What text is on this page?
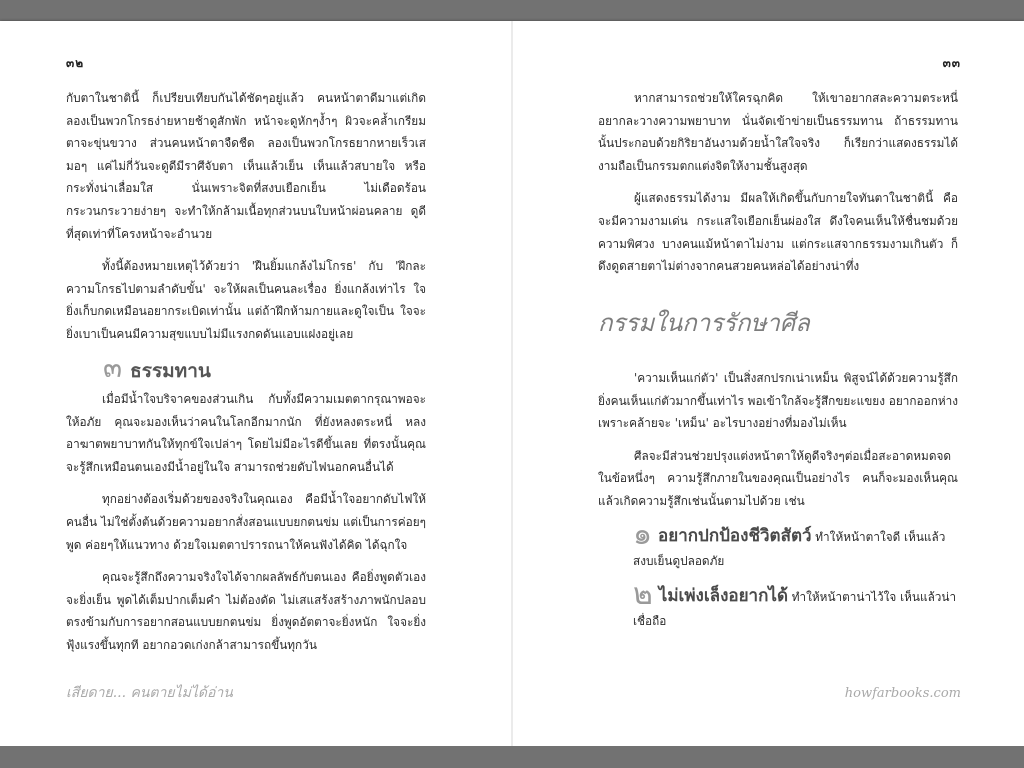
๓๒

กับตาในชาตินี้ ก็เปรียบเทียบกันได้ชัดๆอยู่แล้ว คนหน้าตาดีมาแต่เกิด ลองเป็นพวกโกรธง่ายหายช้าดูสักพัก หน้าจะดูหักๆงํ้าๆ ผิวจะคลํ้าเกรียม ตาจะขุ่นขวาง ส่วนคนหน้าตาจืดชืด ลองเป็นพวกโกรธยากหายเร็วเสมอๆ แค่ไม่กี่วันจะดูดีมีราศีจับตา เห็นแล้วเย็น เห็นแล้วสบายใจ หรือกระทั่งน่าเลื่อมใส นั่นเพราะจิตที่สงบเยือกเย็น ไม่เดือดร้อนกระวนกระวายง่ายๆ จะทำให้กล้ามเนื้อทุกส่วนบนใบหน้าผ่อนคลาย ดูดีที่สุดเท่าที่โครงหน้าจะอำนวย

ทั้งนี้ต้องหมายเหตุไว้ด้วยว่า 'ฝืนยิ้มแกล้งไม่โกรธ' กับ 'ฝึกละความโกรธไปตามลำดับขั้น' จะให้ผลเป็นคนละเรื่อง ยิ่งแกล้งเท่าไร ใจยิ่งเก็บกดเหมือนอยากระเบิดเท่านั้น แต่ถ้าฝึกห้ามกายและดูใจเป็น ใจจะยิ่งเบาเป็นคนมีความสุขแบบไม่มีแรงกดดันแอบแฝงอยู่เลย

๓ ธรรมทาน

เมื่อมีนํ้าใจบริจาคของส่วนเกิน กับทั้งมีความเมตตากรุณาพอจะให้อภัย คุณจะมองเห็นว่าคนในโลกอีกมากนัก ที่ยังหลงตระหนี่ หลงอาฆาตพยาบาทกันให้ทุกข์ใจเปล่าๆ โดยไม่มีอะไรดีขึ้นเลย ที่ตรงนั้นคุณจะรู้สึกเหมือนตนเองมีนํ้าอยู่ในใจ สามารถช่วยดับไฟนอกคนอื่นได้

ทุกอย่างต้องเริ่มด้วยของจริงในคุณเอง คือมีนํ้าใจอยากดับไฟให้คนอื่น ไม่ใช่ตั้งต้นด้วยความอยากสั่งสอนแบบยกตนข่ม แต่เป็นการค่อยๆ พูด ค่อยๆให้แนวทาง ด้วยใจเมตตาปรารถนาให้คนฟังได้คิด ได้ฉุกใจ

คุณจะรู้สึกถึงความจริงใจได้จากผลลัพธ์กับตนเอง คือยิ่งพูดตัวเองจะยิ่งเย็น พูดได้เต็มปากเต็มคำ ไม่ต้องดัด ไม่เสแสร้งสร้างภาพนักปลอบตรงข้ามกับการอยากสอนแบบยกตนข่ม ยิ่งพูดอัตตาจะยิ่งหนัก ใจจะยิ่งฟุ้งแรงขึ้นทุกที อยากอวดเก่งกล้าสามารถขึ้นทุกวัน

เสียดาย... คนตายไม่ได้อ่าน
๓๓

หากสามารถช่วยให้ใครฉุกคิด ให้เขาอยากสละความตระหนี่ อยากละวางความพยาบาท นั่นจัดเข้าข่ายเป็นธรรมทาน ถ้าธรรมทานนั้นประกอบด้วยกิริยาอันงามด้วยนํ้าใสใจจริง ก็เรียกว่าแสดงธรรมได้งามถือเป็นกรรมตกแต่งจิตให้งามชั้นสูงสุด

ผู้แสดงธรรมได้งาม มีผลให้เกิดขึ้นกับกายใจทันตาในชาตินี้ คือจะมีความงามเด่น กระแสใจเยือกเย็นผ่องใส ดึงใจคนเห็นให้ชื่นชมด้วยความพิศวง บางคนแม้หน้าตาไม่งาม แต่กระแสจากธรรมงามเกินตัว ก็ดึงดูดสายตาไม่ต่างจากคนสวยคนหล่อได้อย่างน่าทึ่ง

กรรมในการรักษาศีล

'ความเห็นแก่ตัว' เป็นสิ่งสกปรกเน่าเหม็น พิสูจน์ได้ด้วยความรู้สึกยิ่งคนเห็นแก่ตัวมากขึ้นเท่าไร พอเข้าใกล้จะรู้สึกขยะแขยง อยากออกห่าง เพราะคล้ายจะ 'เหม็น' อะไรบางอย่างที่มองไม่เห็น

ศีลจะมีส่วนช่วยปรุงแต่งหน้าตาให้ดูดีจริงๆต่อเมื่อสะอาดหมดจดในข้อหนึ่งๆ ความรู้สึกภายในของคุณเป็นอย่างไร คนก็จะมองเห็นคุณแล้วเกิดความรู้สึกเช่นนั้นตามไปด้วย เช่น

๑ อยากปกป้องชีวิตสัตว์ ทำให้หน้าตาใจดี เห็นแล้วสงบเย็นดูปลอดภัย
๒ ไม่เพ่งเล็งอยากได้ ทำให้หน้าตาน่าไว้ใจ เห็นแล้วน่าเชื่อถือ
howfarbooks.com
